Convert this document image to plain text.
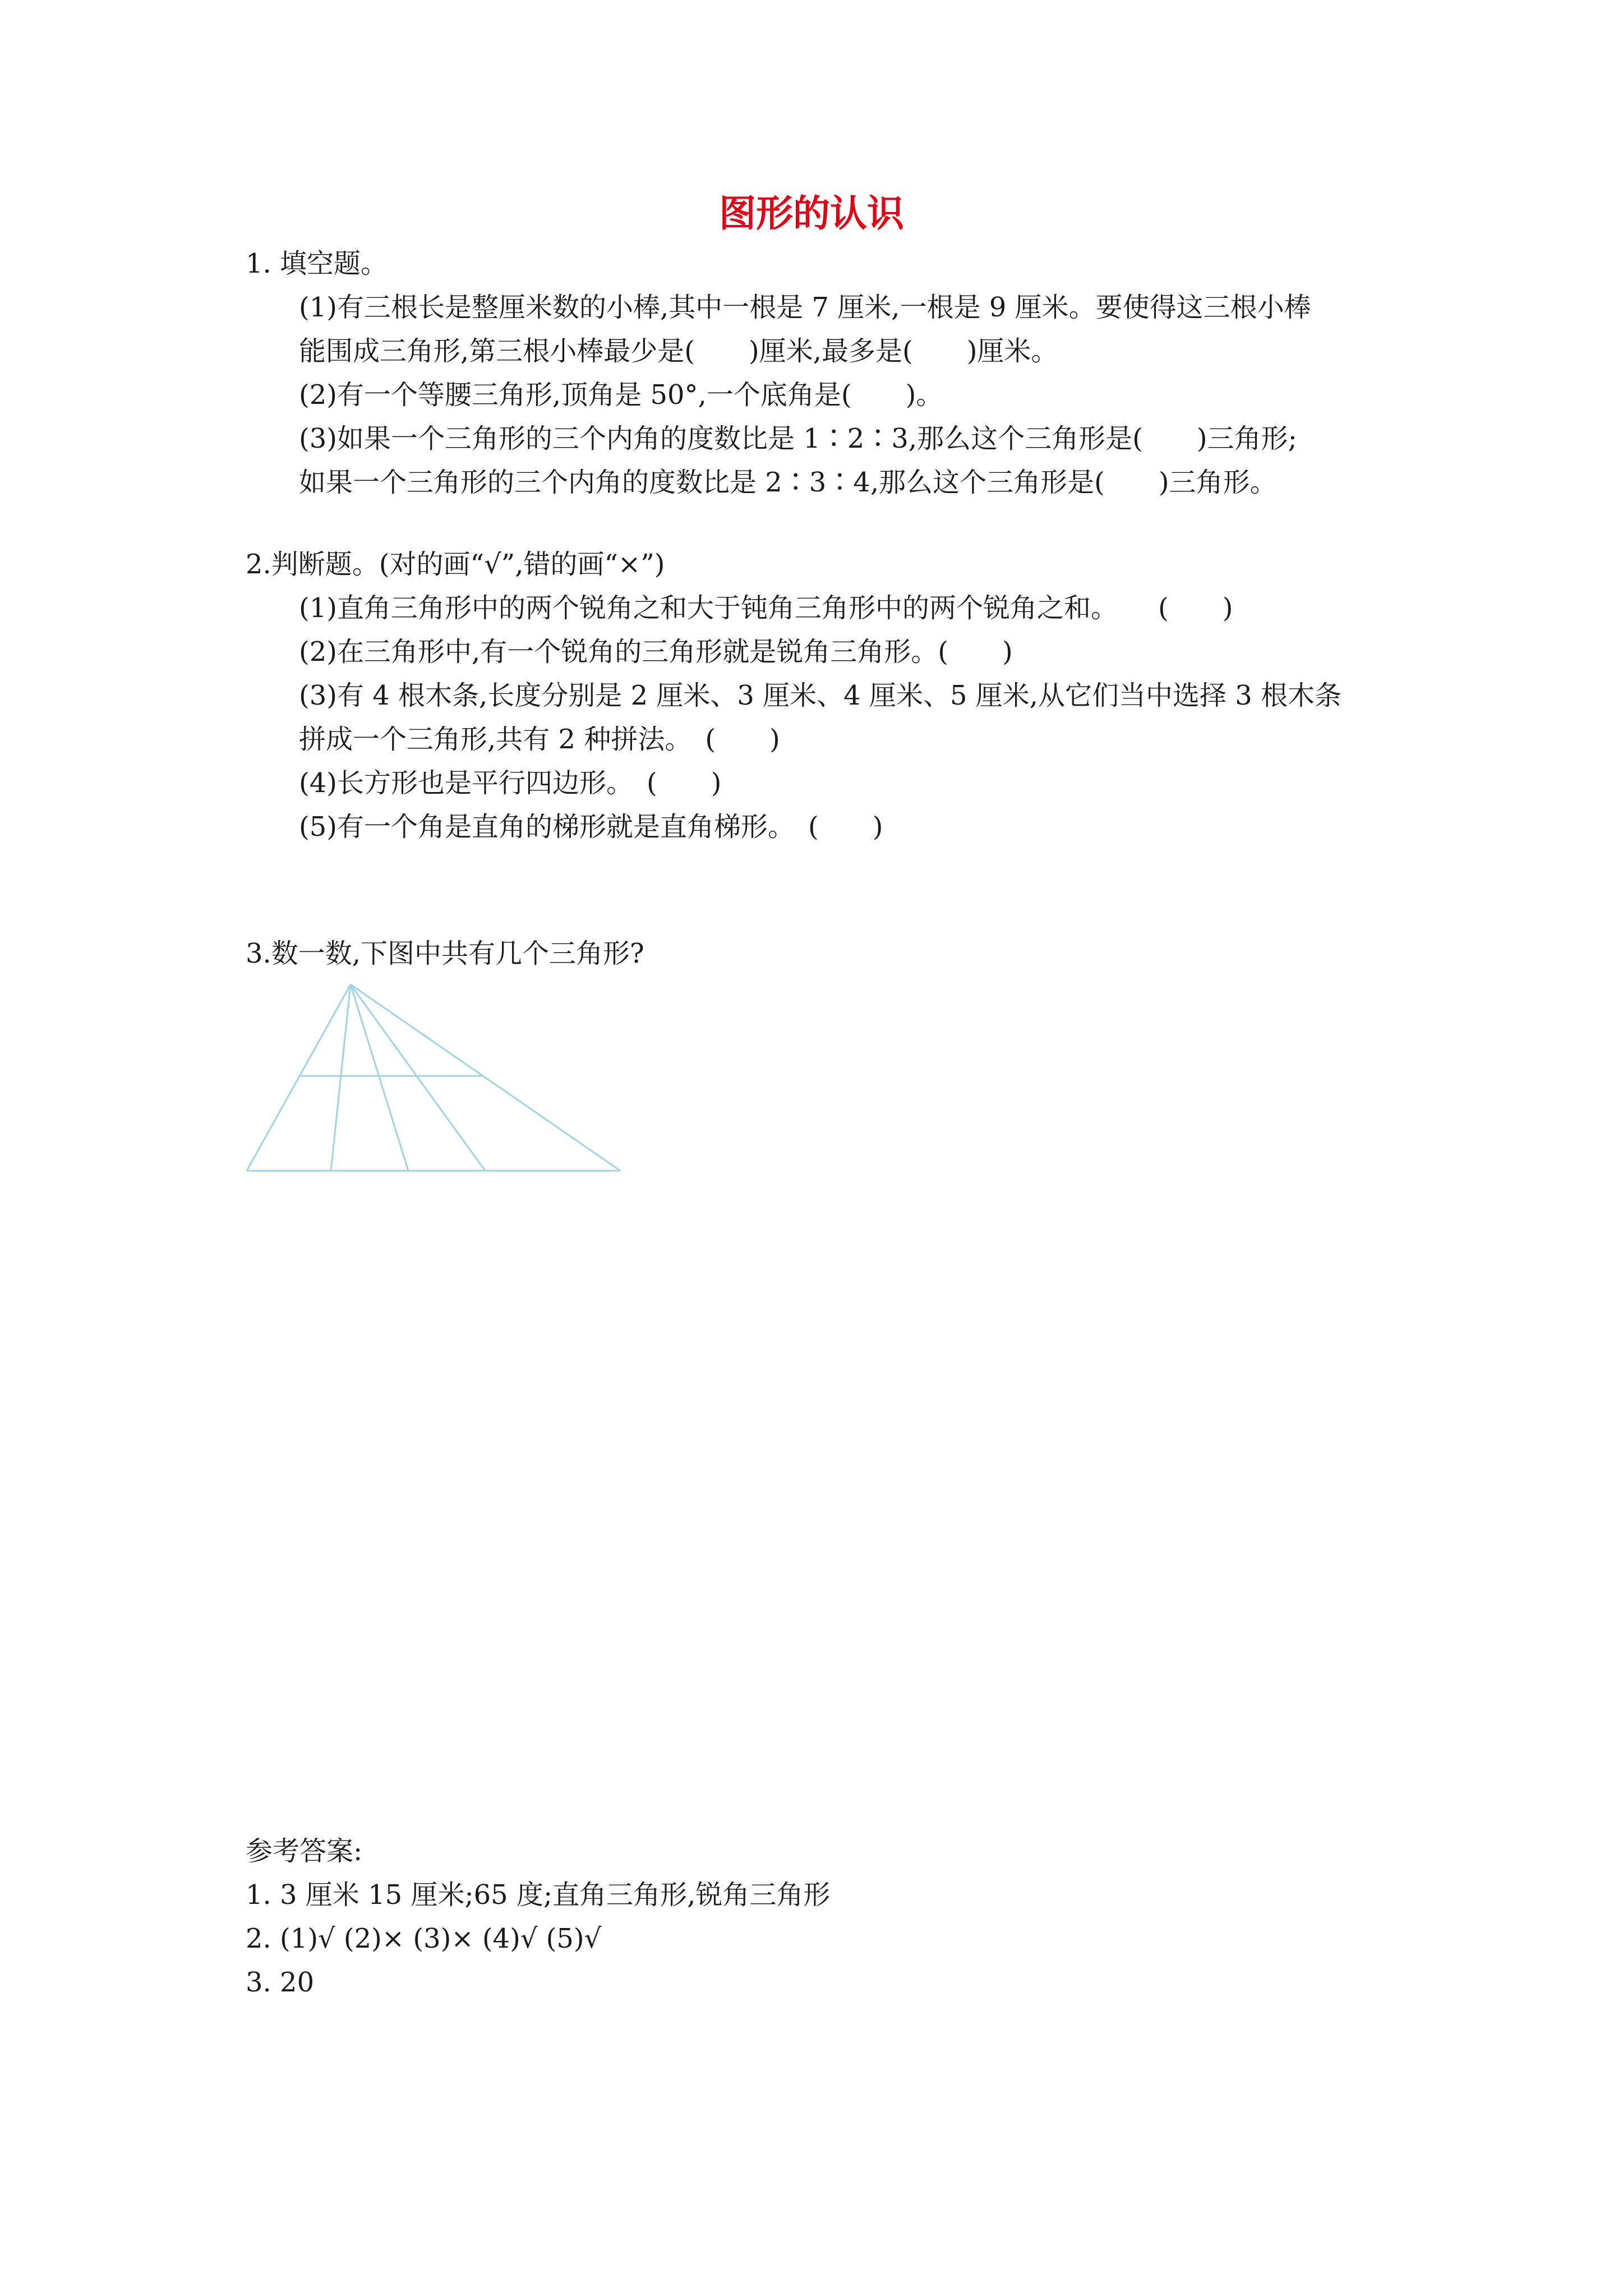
图形的认识
1. 填空题。
(1)有三根长是整厘米数的小棒,其中一根是 7 厘米,一根是 9 厘米。要使得这三根小棒
能围成三角形,第三根小棒最少是(　　)厘米,最多是(　　)厘米。
(2)有一个等腰三角形,顶角是 50°,一个底角是(　　)。
(3)如果一个三角形的三个内角的度数比是 1∶2∶3,那么这个三角形是(　　)三角形;
如果一个三角形的三个内角的度数比是 2∶3∶4,那么这个三角形是(　　)三角形。
2.判断题。(对的画“√”,错的画“×”)
(1)直角三角形中的两个锐角之和大于钝角三角形中的两个锐角之和。　　(　　)
(2)在三角形中,有一个锐角的三角形就是锐角三角形。(　　)
(3)有 4 根木条,长度分别是 2 厘米、3 厘米、4 厘米、5 厘米,从它们当中选择 3 根木条
拼成一个三角形,共有 2 种拼法。　(　　)
(4)长方形也是平行四边形。　(　　)
(5)有一个角是直角的梯形就是直角梯形。　(　　)
3.数一数,下图中共有几个三角形?
参考答案:
1. 3 厘米 15 厘米;65 度;直角三角形,锐角三角形
2. (1)√ (2)× (3)× (4)√ (5)√
3. 20
